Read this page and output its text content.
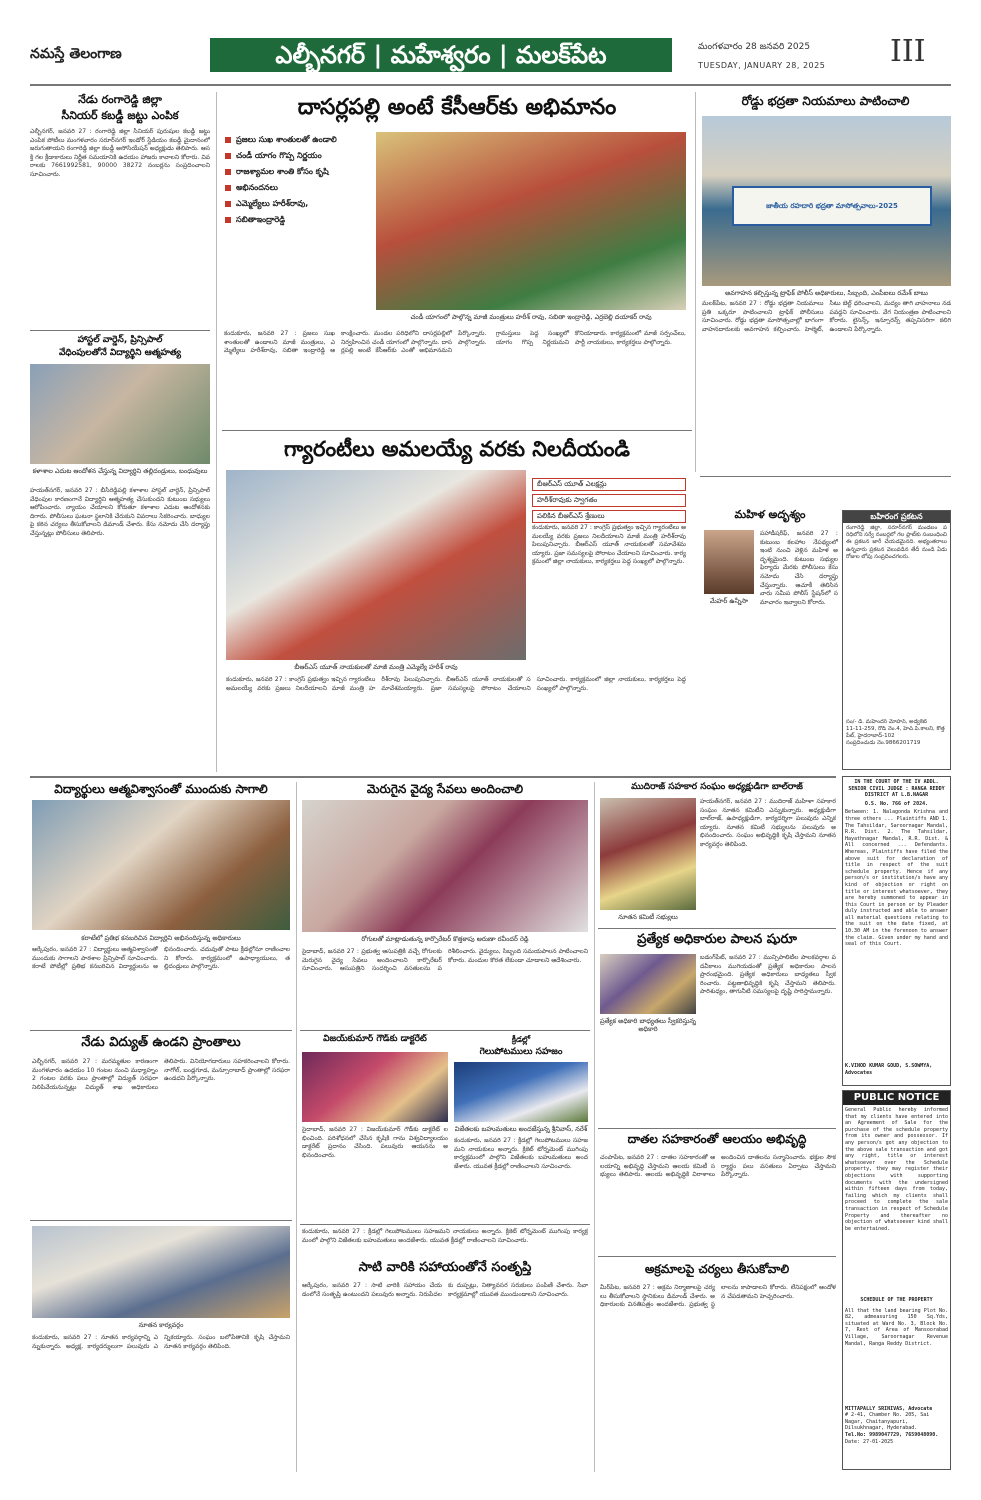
నమస్తే తెలంగాణ	ఎల్బీనగర్ | మహేశ్వరం | మలక్‌పేట	మంగళవారం 28 జనవరి 2025
TUESDAY, JANUARY 28, 2025 III
నేడు రంగారెడ్డి జిల్లా
సీనియర్ కబడ్డీ జట్టు ఎంపిక
ఎల్బీనగర్, జనవరి 27 : రంగారెడ్డి జిల్లా సీనియర్ పురుషుల కబడ్డీ జట్టు ఎంపిక పోటీలు మంగళవారం సరూర్‌నగర్ ఇండోర్ స్టేడియం కబడ్డీ మైదానంలో జరుగుతాయని రంగారెడ్డి జిల్లా కబడ్డీ అసోసియేషన్ అధ్యక్షుడు తెలిపారు. ఆసక్తి గల క్రీడాకారులు నిర్ణీత సమయానికి ఉదయం హాజరు కావాలని కోరారు. వివరాలకు 7661992581, 90000 38272 నంబర్లను సంప్రదించాలని సూచించారు.
హాస్టల్ వార్డెన్, ప్రిన్సిపాల్
వేధింపులతోనే విద్యార్థిని ఆత్మహత్య
కళాశాల ఎదుట ఆందోళన చేస్తున్న విద్యార్థిని తల్లిదండ్రులు, బంధువులు
హయత్‌నగర్, జనవరి 27 : బీసీరెడ్డిపల్లి కళాశాల హాస్టల్ వార్డెన్, ప్రిన్సిపాల్ వేధింపుల కారణంగానే విద్యార్థిని ఆత్మహత్య చేసుకుందని కుటుంబ సభ్యులు ఆరోపించారు. న్యాయం చేయాలని కోరుతూ కళాశాల ఎదుట ఆందోళనకు దిగారు. పోలీసులు ఘటనా స్థలానికి చేరుకుని వివరాలు సేకరించారు. బాధ్యులపై కఠిన చర్యలు తీసుకోవాలని డిమాండ్ చేశారు. కేసు నమోదు చేసి దర్యాప్తు చేస్తున్నట్లు పోలీసులు తెలిపారు.
దాసర్లపల్లి అంటే కేసీఆర్‌కు అభిమానం
ప్రజలు సుఖ శాంతులతో ఉండాలి
చండీ యాగం గొప్ప నిర్ణయం
రాజశ్యామల శాంతి కోసం కృషి
అభినందనలు
ఎమ్మెల్యేలు హరీశ్‌రావు,
సబితాఇంద్రారెడ్డి
చండీ యాగంలో పాల్గొన్న మాజీ మంత్రులు హరీశ్ రావు, సబితా ఇంద్రారెడ్డి, ఎర్రబెల్లి దయాకర్ రావు
కందుకూరు, జనవరి 27 : ప్రజలు సుఖ శాంతులతో ఉండాలని మాజీ మంత్రులు, ఎమ్మెల్యేలు హరీశ్‌రావు, సబితా ఇంద్రారెడ్డి ఆకాంక్షించారు. మండల పరిధిలోని దాసర్లపల్లిలో నిర్వహించిన చండీ యాగంలో పాల్గొన్నారు. దాసర్లపల్లి అంటే కేసీఆర్‌కు ఎంతో అభిమానమని పేర్కొన్నారు. గ్రామస్తులు పెద్ద సంఖ్యలో పాల్గొన్నారు. యాగం గొప్ప నిర్ణయమని కొనియాడారు. కార్యక్రమంలో మాజీ సర్పంచ్‌లు, పార్టీ నాయకులు, కార్యకర్తలు పాల్గొన్నారు.
రోడ్డు భద్రతా నియమాలు పాటించాలి
జాతీయ రహదారి భద్రతా మాసోత్సవాలు-2025
అవగాహన కల్పిస్తున్న ట్రాఫిక్ పోలీస్ అధికారులు, సిబ్బంది, ఎంపీఐలు రమేశ్ బాబు
మలక్‌పేట, జనవరి 27 : రోడ్డు భద్రతా నియమాలు ప్రతి ఒక్కరూ పాటించాలని ట్రాఫిక్ పోలీసులు సూచించారు. రోడ్డు భద్రతా మాసోత్సవాల్లో భాగంగా వాహనదారులకు అవగాహన కల్పించారు. హెల్మెట్, సీటు బెల్ట్ ధరించాలని, మద్యం తాగి వాహనాలు నడపవద్దని సూచించారు. వేగ నియంత్రణ పాటించాలని కోరారు. లైసెన్స్, ఇన్సూరెన్స్ తప్పనిసరిగా కలిగి ఉండాలని పేర్కొన్నారు.
గ్యారంటీలు అమలయ్యే వరకు నిలదీయండి
బీఆర్‌ఎస్ యూత్ ఎలక్షన్లు
హరీశ్‌రావుకు స్వాగతం
పలికిన బీఆర్‌ఎస్ శ్రేణులు
కందుకూరు, జనవరి 27 : కాంగ్రెస్ ప్రభుత్వం ఇచ్చిన గ్యారంటీలు అమలయ్యే వరకు ప్రజలు నిలదీయాలని మాజీ మంత్రి హరీశ్‌రావు పిలుపునిచ్చారు. బీఆర్‌ఎస్ యూత్ నాయకులతో సమావేశమయ్యారు. ప్రజా సమస్యలపై పోరాటం చేయాలని సూచించారు. కార్యక్రమంలో జిల్లా నాయకులు, కార్యకర్తలు పెద్ద సంఖ్యలో పాల్గొన్నారు.
బీఆర్‌ఎస్ యూత్ నాయకులతో మాజీ మంత్రి ఎమ్మెల్యే హరీశ్ రావు
కందుకూరు, జనవరి 27 : కాంగ్రెస్ ప్రభుత్వం ఇచ్చిన గ్యారంటీలు అమలయ్యే వరకు ప్రజలు నిలదీయాలని మాజీ మంత్రి హరీశ్‌రావు పిలుపునిచ్చారు. బీఆర్‌ఎస్ యూత్ నాయకులతో సమావేశమయ్యారు. ప్రజా సమస్యలపై పోరాటం చేయాలని సూచించారు. కార్యక్రమంలో జిల్లా నాయకులు, కార్యకర్తలు పెద్ద సంఖ్యలో పాల్గొన్నారు.
మహిళ అదృశ్యం
మేహర్ ఉన్నీసా
పహాడీషరీఫ్, జనవరి 27 : కుటుంబ కలహాల నేపథ్యంలో ఇంటి నుంచి వెళ్లిన మహిళ అదృశ్యమైంది. కుటుంబ సభ్యుల ఫిర్యాదు మేరకు పోలీసులు కేసు నమోదు చేసి దర్యాప్తు చేస్తున్నారు. ఆచూకీ తెలిసిన వారు సమీప పోలీస్ స్టేషన్‌లో సమాచారం ఇవ్వాలని కోరారు.
బహిరంగ ప్రకటన
రంగారెడ్డి జిల్లా, సరూర్‌నగర్ మండలం పరిధిలోని సర్వే నంబర్లలో గల ప్లాట్‌కు సంబంధించి ఈ ప్రకటన జారీ చేయడమైనది. అభ్యంతరాలు ఉన్నవారు ప్రకటన వెలువడిన తేదీ నుండి ఏడు రోజుల లోపు సంప్రదించగలరు.
సం/- డి. మహేందర్ మోహన్, అడ్వకేట్
11-11-259, రోడ్ నెం.4, హెచ్.పి.కాలనీ, కొత్తపేట్, హైదరాబాద్-102
సంప్రదించుడు నెం.9866201719
IN THE COURT OF THE IV ADDL. SENIOR CIVIL JUDGE : RANGA REDDY DISTRICT AT L.B.NAGAR
O.S. No. 766 of 2024.
Between: 1. Nalagonda Krishna and three others ... Plaintiffs AND 1. The Tahsildar, Saroornagar Mandal, R.R. Dist. 2. The Tahsildar, Hayathnagar Mandal, R.R. Dist. & All concerned ... Defendants. Whereas, Plaintiffs have filed the above suit for declaration of title in respect of the suit schedule property. Hence if any person/s or institution/s have any kind of objection or right on title or interest whatsoever, they are hereby summoned to appear in this Court in person or by Pleader duly instructed and able to answer all material questions relating to the suit on the date fixed, at 10.30 AM in the forenoon to answer the claim. Given under my hand and seal of this Court.
K.VINOD KUMAR GOUD, S.SOWMYA, Advocates
PUBLIC NOTICE
General Public hereby informed that my clients have entered into an Agreement of Sale for the purchase of the schedule property from its owner and possessor. If any person/s got any objection to the above sale transaction and got any right, title or interest whatsoever over the Schedule property, they may register their objections with supporting documents with the undersigned within fifteen days from today, failing which my clients shall proceed to complete the sale transaction in respect of Schedule Property and thereafter no objection of whatsoever kind shall be entertained.
SCHEDULE OF THE PROPERTY
All that the land bearing Plot No. 82, admeasuring 150 Sq.Yds, situated at Ward No. 3, Block No. 7, Rest of Area of Mansoorabad Village, Saroornagar Revenue Mandal, Ranga Reddy District.
MITTAPALLY SRINIVAS, Advocate
# 2-41, Chamber No. 205, Sai Nagar, Chaitanyapuri, Dilsukhnagar, Hyderabad.
Tel.No: 9989047729, 7659048090.
Date: 27-01-2025
విద్యార్థులు ఆత్మవిశ్వాసంతో ముందుకు సాగాలి
కరాటేలో ప్రతిభ కనబరిచిన విద్యార్థిని అభినందిస్తున్న అధికారులు
ఆర్కేపురం, జనవరి 27 : విద్యార్థులు ఆత్మవిశ్వాసంతో ముందుకు సాగాలని పాఠశాల ప్రిన్సిపాల్ సూచించారు. కరాటే పోటీల్లో ప్రతిభ కనబరిచిన విద్యార్థులను అభినందించారు. చదువుతో పాటు క్రీడల్లోనూ రాణించాలని కోరారు. కార్యక్రమంలో ఉపాధ్యాయులు, తల్లిదండ్రులు పాల్గొన్నారు.
నేడు విద్యుత్ ఉండని ప్రాంతాలు
ఎల్బీనగర్, జనవరి 27 : మరమ్మతుల కారణంగా మంగళవారం ఉదయం 10 గంటల నుంచి మధ్యాహ్నం 2 గంటల వరకు పలు ప్రాంతాల్లో విద్యుత్ సరఫరా నిలిపివేయనున్నట్లు విద్యుత్ శాఖ అధికారులు తెలిపారు. వినియోగదారులు సహకరించాలని కోరారు. నాగోల్, బండ్లగూడ, మన్సూరాబాద్ ప్రాంతాల్లో సరఫరా ఉండదని పేర్కొన్నారు.
నూతన కార్యవర్గం
కందుకూరు, జనవరి 27 : నూతన కార్యవర్గాన్ని ఎన్నుకున్నారు. అధ్యక్ష, కార్యదర్శులుగా పలువురు ఎన్నికయ్యారు. సంఘం బలోపేతానికి కృషి చేస్తామని నూతన కార్యవర్గం తెలిపింది.
మెరుగైన వైద్య సేవలు అందించాలి
రోగులతో మాట్లాడుతున్న కార్పొరేటర్ కొత్తకాపు అరుణా రవీందర్ రెడ్డి
సైదాబాద్, జనవరి 27 : ప్రభుత్వ ఆసుపత్రికి వచ్చే రోగులకు మెరుగైన వైద్య సేవలు అందించాలని కార్పొరేటర్ సూచించారు. ఆసుపత్రిని సందర్శించి వసతులను పరిశీలించారు. వైద్యులు, సిబ్బంది సమయపాలన పాటించాలని కోరారు. మందుల కొరత లేకుండా చూడాలని ఆదేశించారు.
విజయ్‌కుమార్ గౌడ్‌కు డాక్టరేట్
సైదాబాద్, జనవరి 27 : విజయ్‌కుమార్ గౌడ్‌కు డాక్టరేట్ లభించింది. పరిశోధనలో చేసిన కృషికి గాను విశ్వవిద్యాలయం డాక్టరేట్ ప్రదానం చేసింది. పలువురు ఆయనను అభినందించారు.
క్రీడల్లో
గెలుపోటములు సహజం
విజేతలకు బహుమతులు అందజేస్తున్న శ్రీనివాస్, నరేశ్
కందుకూరు, జనవరి 27 : క్రీడల్లో గెలుపోటములు సహజమని నాయకులు అన్నారు. క్రికెట్ టోర్నమెంట్ ముగింపు కార్యక్రమంలో పాల్గొని విజేతలకు బహుమతులు అందజేశారు. యువత క్రీడల్లో రాణించాలని సూచించారు.
కందుకూరు, జనవరి 27 : క్రీడల్లో గెలుపోటములు సహజమని నాయకులు అన్నారు. క్రికెట్ టోర్నమెంట్ ముగింపు కార్యక్రమంలో పాల్గొని విజేతలకు బహుమతులు అందజేశారు. యువత క్రీడల్లో రాణించాలని సూచించారు.
సాటి వారికి సహాయంతోనే సంతృప్తి
ఆర్కేపురం, జనవరి 27 : సాటి వారికి సహాయం చేయడంలోనే సంతృప్తి ఉంటుందని పలువురు అన్నారు. నిరుపేదలకు దుప్పట్లు, నిత్యావసర సరుకులు పంపిణీ చేశారు. సేవా కార్యక్రమాల్లో యువత ముందుండాలని సూచించారు.
ముదిరాజ్ సహకార సంఘం అధ్యక్షుడిగా బాల్‌రాజ్
నూతన కమిటీ సభ్యులు
హయత్‌నగర్, జనవరి 27 : ముదిరాజ్ మహిళా సహకార సంఘం నూతన కమిటీని ఎన్నుకున్నారు. అధ్యక్షుడిగా బాల్‌రాజ్, ఉపాధ్యక్షుడిగా, కార్యదర్శిగా పలువురు ఎన్నికయ్యారు. నూతన కమిటీ సభ్యులను పలువురు అభినందించారు. సంఘం అభివృద్ధికి కృషి చేస్తామని నూతన కార్యవర్గం తెలిపింది.
ప్రత్యేక అధికారుల పాలన షురూ
ప్రత్యేక అధికారి బాధ్యతలు స్వీకరిస్తున్న అధికారి
బడంగ్‌పేట్, జనవరి 27 : మున్సిపాలిటీల పాలకవర్గాల పదవీకాలం ముగియడంతో ప్రత్యేక అధికారుల పాలన ప్రారంభమైంది. ప్రత్యేక అధికారులు బాధ్యతలు స్వీకరించారు. పట్టణాభివృద్ధికి కృషి చేస్తామని తెలిపారు. పారిశుధ్యం, తాగునీటి సమస్యలపై దృష్టి సారిస్తామన్నారు.
దాతల సహకారంతో ఆలయం అభివృద్ధి
చంపాపేట, జనవరి 27 : దాతల సహకారంతో ఆలయాన్ని అభివృద్ధి చేస్తామని ఆలయ కమిటీ సభ్యులు తెలిపారు. ఆలయ అభివృద్ధికి విరాళాలు అందించిన దాతలను సన్మానించారు. భక్తుల సౌకర్యార్థం పలు వసతులు ఏర్పాటు చేస్తామని పేర్కొన్నారు.
అక్రమాలపై చర్యలు తీసుకోవాలి
మీర్‌పేట, జనవరి 27 : అక్రమ నిర్మాణాలపై చర్యలు తీసుకోవాలని స్థానికులు డిమాండ్ చేశారు. అధికారులకు వినతిపత్రం అందజేశారు. ప్రభుత్వ స్థలాలను కాపాడాలని కోరారు. లేనిపక్షంలో ఆందోళన చేపడతామని హెచ్చరించారు.
